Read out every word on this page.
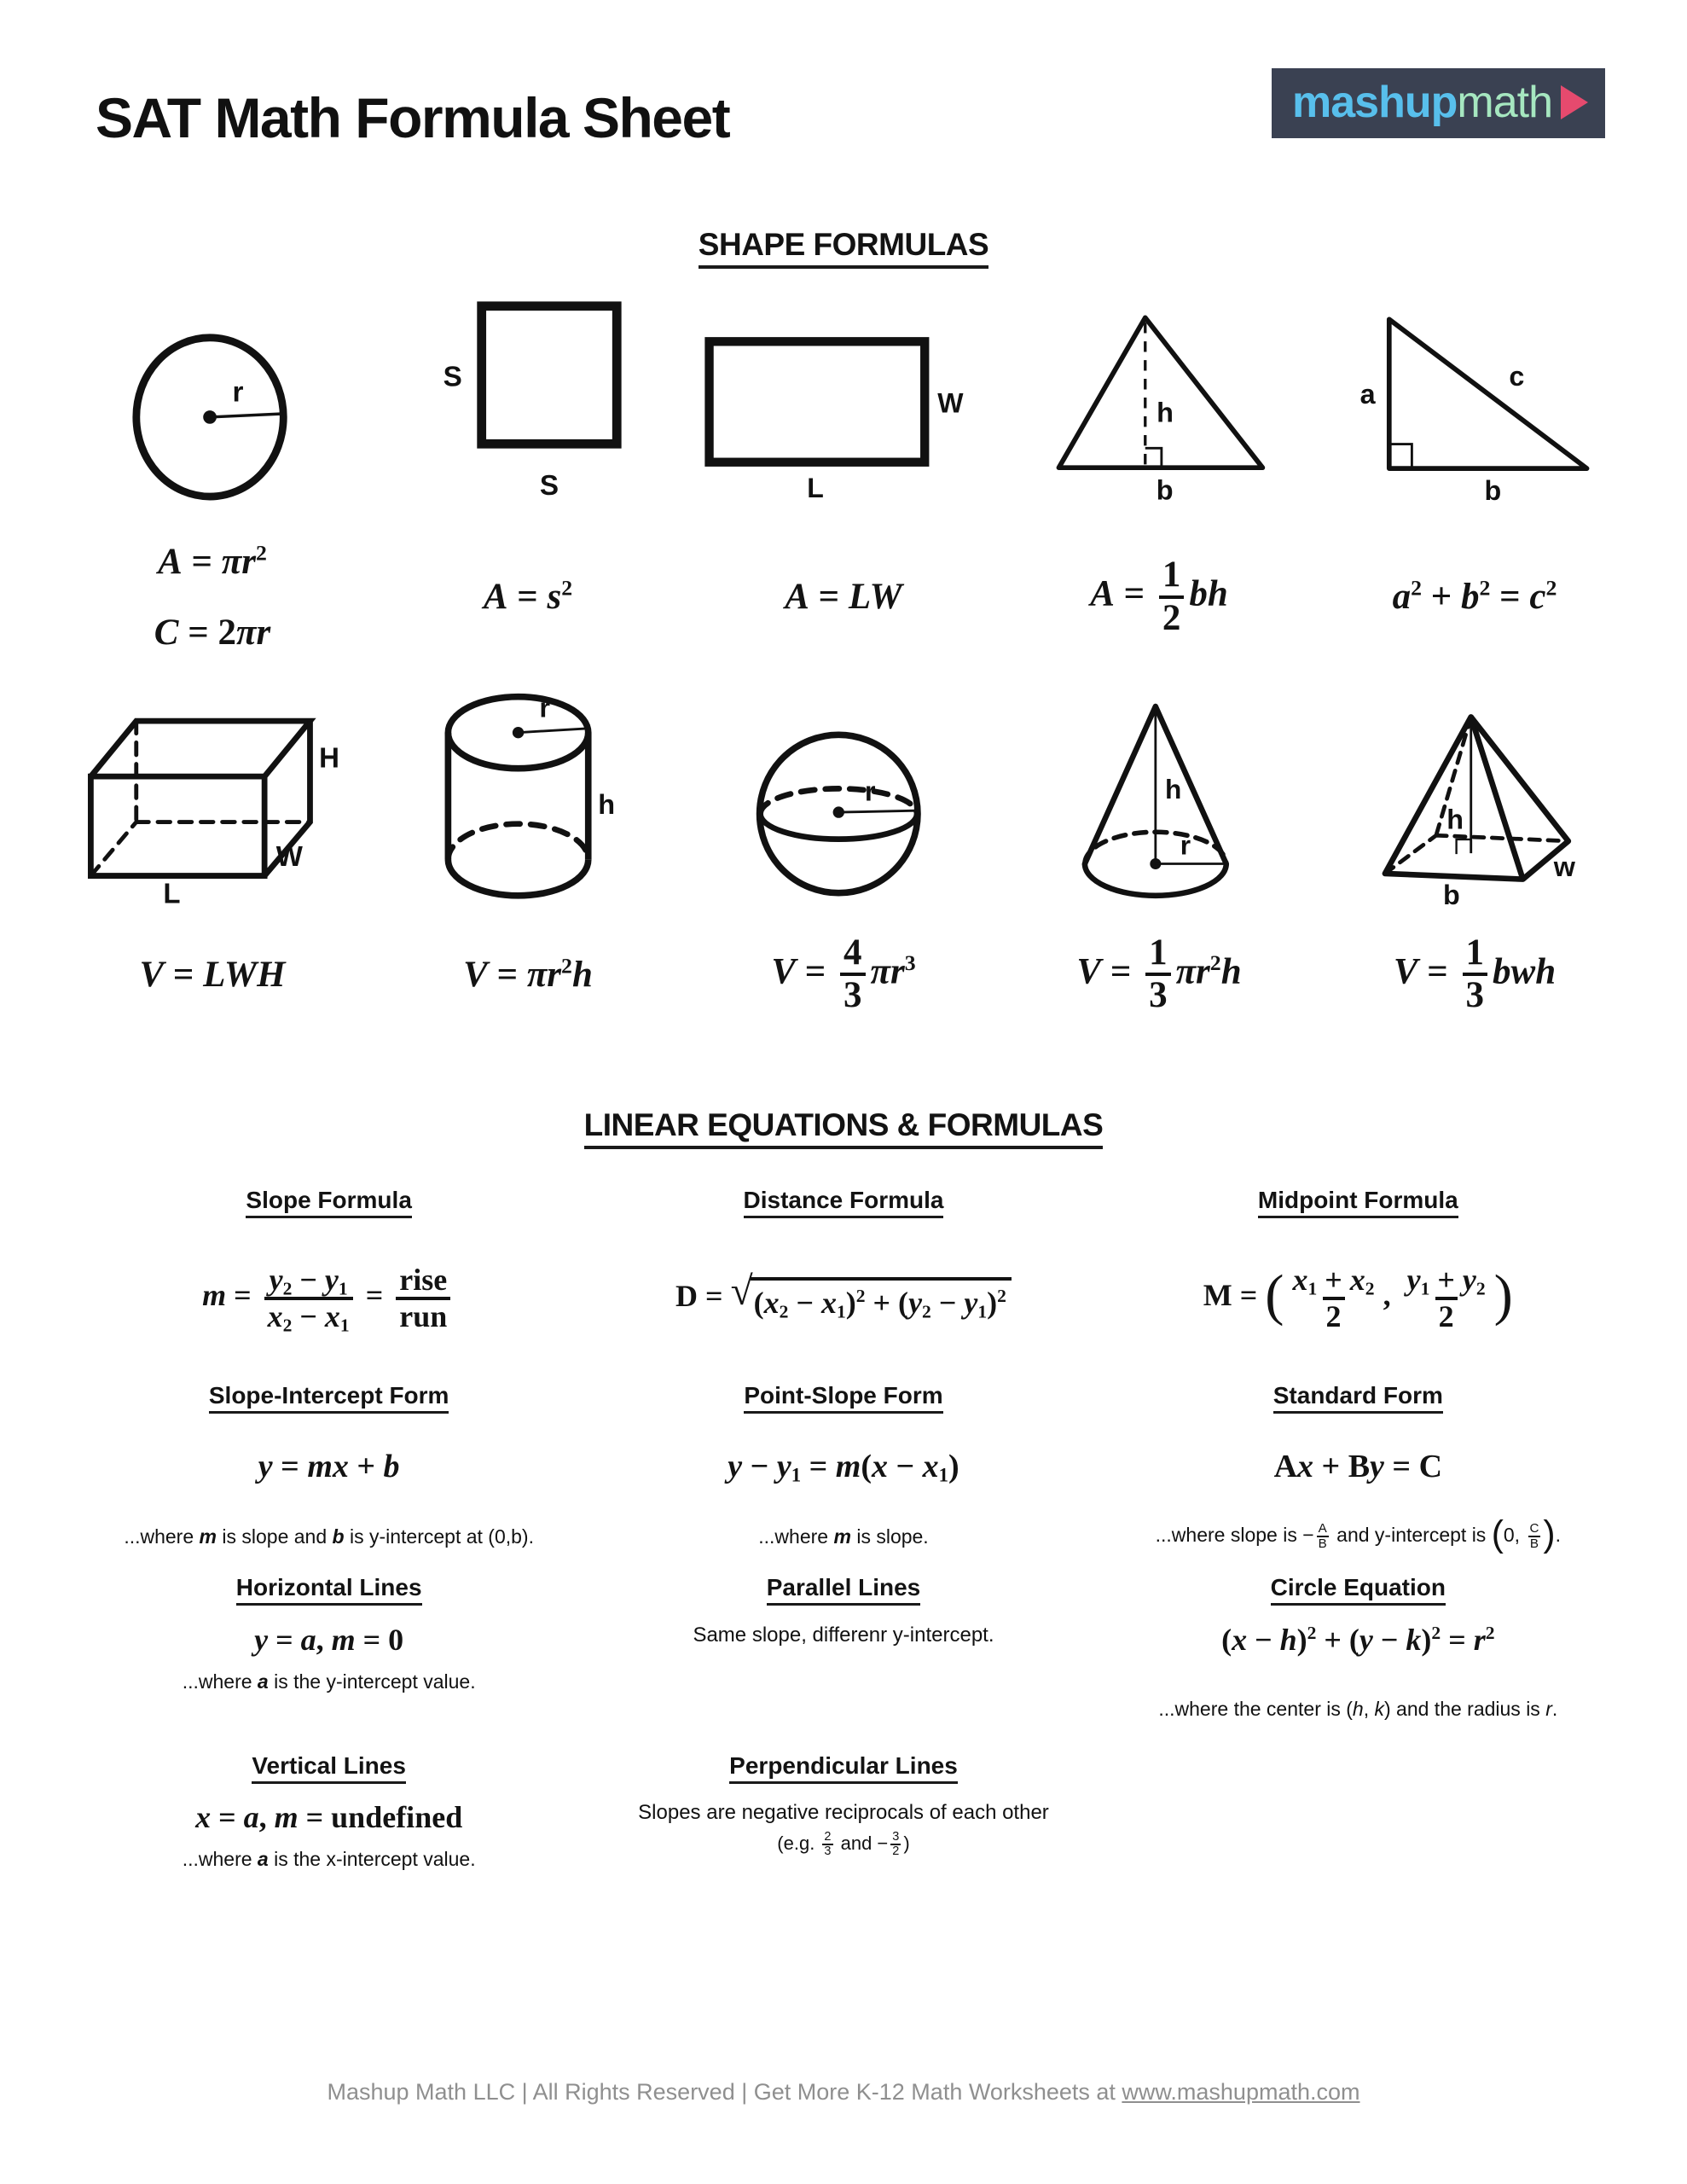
SAT Math Formula Sheet	mashup math
SHAPE FORMULAS
r	S
S
W
L
h
b
a
c
b
$A = \pi r^2$
C = 2πr
$A = s^2$	A = LW	$A = \frac{1}{2}$ bh	$a^2 + b^2 = c^2$
H
W
L
r
h	r	h
r
h
b
w
V = LWH	$V = \pi r^2h$	$V = \frac{4}{3} \pi r^3$	$V = \frac{1}{3} \pi r^2h$	$V = \frac{1}{3}$ bwh
LINEAR EQUATIONS & FORMULAS
Slope Formula	Distance Formula	Midpoint Formula
$m = \frac{y_2 - y_1}{x_2 - x_1} = \frac{\text{rise}}{\text{run}}$	D = √ $(x_2 - x_1)^2 + (y_2 - y_1)^2$	M = ( $\frac{x_1 + x_2}{2}$ , $\frac{y_1 + y_2}{2}$ )
Slope-Intercept Form	Point-Slope Form	Standard Form
y = mx + b	$y - y_1 = m(x - x_1)$	Ax + By = C
...where m is slope and b is y-intercept at (0,b).	...where m is slope.	...where slope is − $\frac{A}{B}$ and y-intercept is (0, $\frac{C}{B}$ ).
Horizontal Lines	Parallel Lines	Circle Equation
y = a, m = 0
...where a is the y-intercept value.
Same slope, differenr y-intercept.	$(x - h)^2 + (y - k)^2 = r^2$
...where the center is (h, k) and the radius is r.
Vertical Lines	Perpendicular Lines
x = a, m = undefined
...where a is the x-intercept value.
Slopes are negative reciprocals of each other
(e.g. $\frac{2}{3}$ and − $\frac{3}{2}$ )
Mashup Math LLC | All Rights Reserved | Get More K-12 Math Worksheets at www.mashupmath.com
